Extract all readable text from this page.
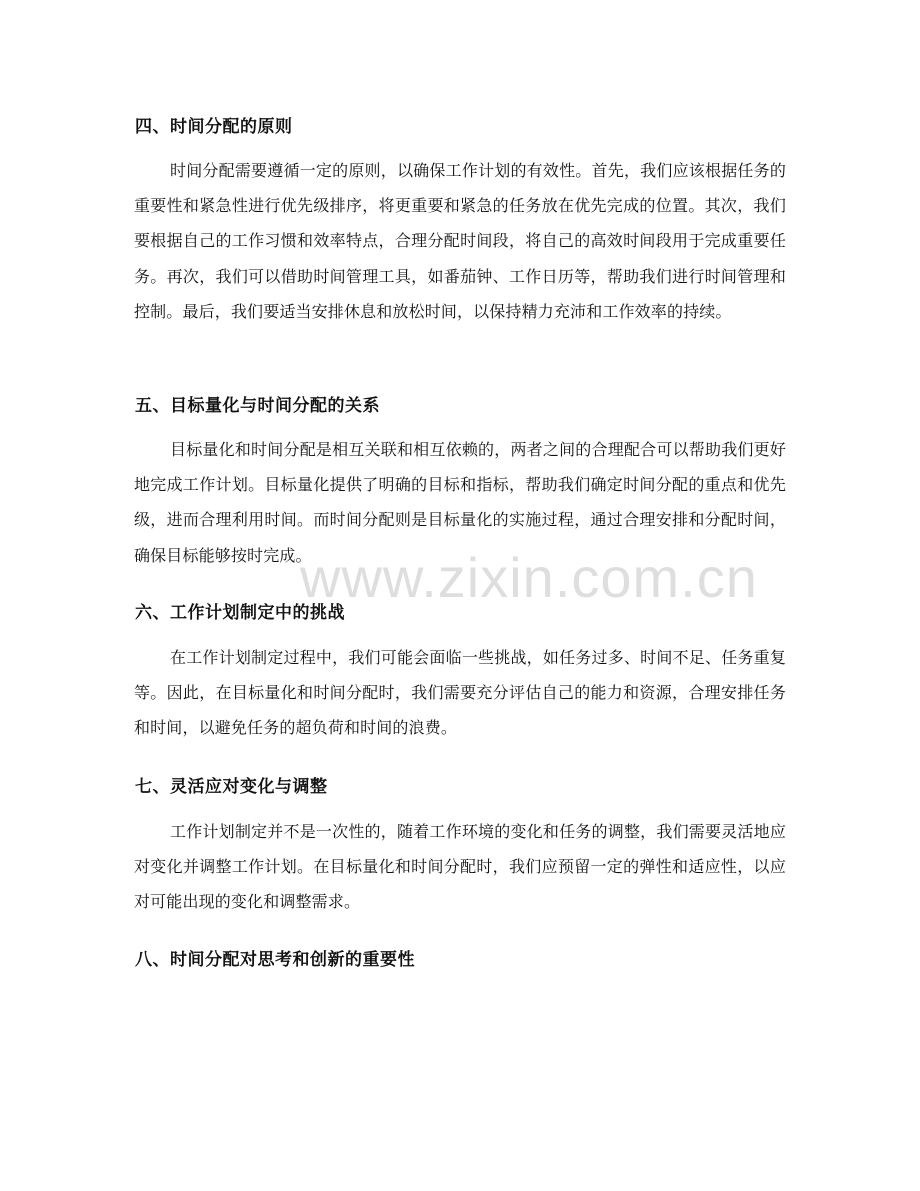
四、时间分配的原则
时间分配需要遵循一定的原则，以确保工作计划的有效性。首先，我们应该根据任务的重要性和紧急性进行优先级排序，将更重要和紧急的任务放在优先完成的位置。其次，我们要根据自己的工作习惯和效率特点，合理分配时间段，将自己的高效时间段用于完成重要任务。再次，我们可以借助时间管理工具，如番茄钟、工作日历等，帮助我们进行时间管理和控制。最后，我们要适当安排休息和放松时间，以保持精力充沛和工作效率的持续。
五、目标量化与时间分配的关系
目标量化和时间分配是相互关联和相互依赖的，两者之间的合理配合可以帮助我们更好地完成工作计划。目标量化提供了明确的目标和指标，帮助我们确定时间分配的重点和优先级，进而合理利用时间。而时间分配则是目标量化的实施过程，通过合理安排和分配时间，确保目标能够按时完成。
六、工作计划制定中的挑战
在工作计划制定过程中，我们可能会面临一些挑战，如任务过多、时间不足、任务重复等。因此，在目标量化和时间分配时，我们需要充分评估自己的能力和资源，合理安排任务和时间，以避免任务的超负荷和时间的浪费。
七、灵活应对变化与调整
工作计划制定并不是一次性的，随着工作环境的变化和任务的调整，我们需要灵活地应对变化并调整工作计划。在目标量化和时间分配时，我们应预留一定的弹性和适应性，以应对可能出现的变化和调整需求。
八、时间分配对思考和创新的重要性
www.zixin.com.cn
